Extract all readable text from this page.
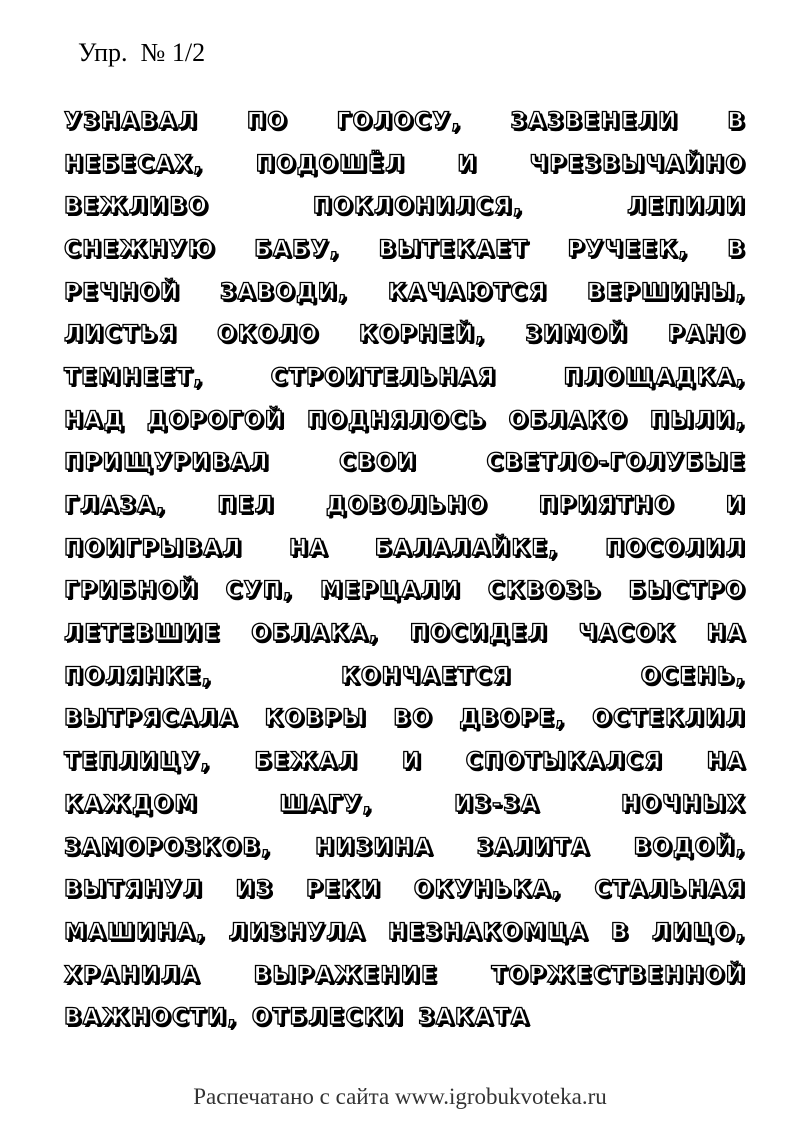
Упр.  № 1/2
УЗНАВАЛ ПО ГОЛОСУ, ЗАЗВЕНЕЛИ В
НЕБЕСАХ, ПОДОШЁЛ И ЧРЕЗВЫЧАЙНО
ВЕЖЛИВО	ПОКЛОНИЛСЯ,	ЛЕПИЛИ
СНЕЖНУЮ БАБУ, ВЫТЕКАЕТ РУЧЕЕК, В
РЕЧНОЙ ЗАВОДИ, КАЧАЮТСЯ ВЕРШИНЫ,
ЛИСТЬЯ ОКОЛО КОРНЕЙ, ЗИМОЙ РАНО
ТЕМНЕЕТ,	СТРОИТЕЛЬНАЯ	ПЛОЩАДКА,
НАД ДОРОГОЙ ПОДНЯЛОСЬ ОБЛАКО ПЫЛИ,
ПРИЩУРИВАЛ	СВОИ	СВЕТЛО-ГОЛУБЫЕ
ГЛАЗА, ПЕЛ ДОВОЛЬНО ПРИЯТНО И
ПОИГРЫВАЛ НА БАЛАЛАЙКЕ, ПОСОЛИЛ
ГРИБНОЙ СУП, МЕРЦАЛИ СКВОЗЬ БЫСТРО
ЛЕТЕВШИЕ ОБЛАКА, ПОСИДЕЛ ЧАСОК НА
ПОЛЯНКЕ,	КОНЧАЕТСЯ	ОСЕНЬ,
ВЫТРЯСАЛА КОВРЫ ВО ДВОРЕ, ОСТЕКЛИЛ
ТЕПЛИЦУ, БЕЖАЛ И СПОТЫКАЛСЯ НА
КАЖДОМ	ШАГУ,	ИЗ-ЗА	НОЧНЫХ
ЗАМОРОЗКОВ, НИЗИНА ЗАЛИТА ВОДОЙ,
ВЫТЯНУЛ ИЗ РЕКИ ОКУНЬКА, СТАЛЬНАЯ
МАШИНА, ЛИЗНУЛА НЕЗНАКОМЦА В ЛИЦО,
ХРАНИЛА ВЫРАЖЕНИЕ ТОРЖЕСТВЕННОЙ
ВАЖНОСТИ, ОТБЛЕСКИ ЗАКАТА
Распечатано с сайта www.igrobukvoteka.ru
